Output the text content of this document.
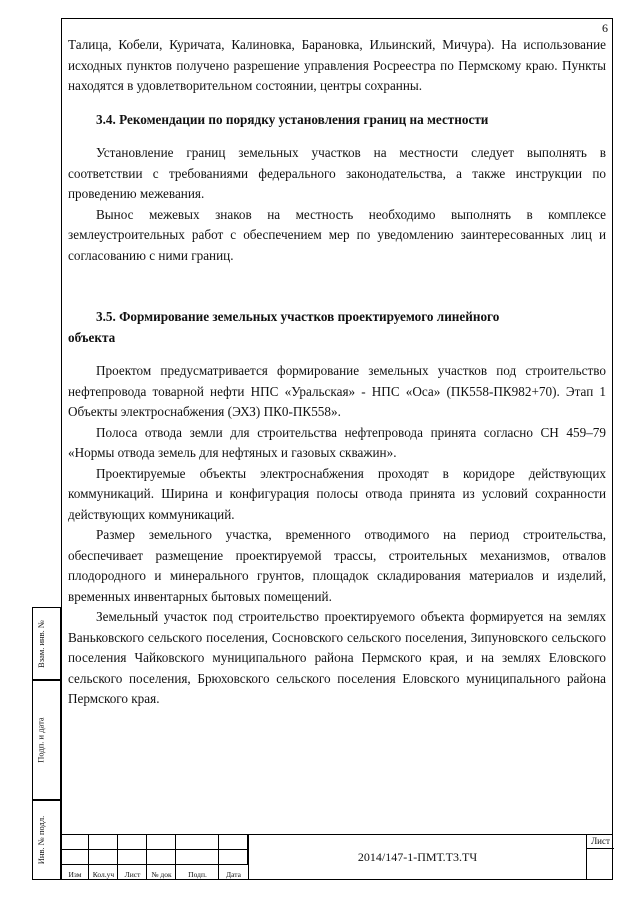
6

Талица, Кобели, Куричата, Калиновка, Барановка, Ильинский, Мичура). На использование исходных пунктов получено разрешение управления Росреестра по Пермскому краю. Пункты находятся в удовлетворительном состоянии, центры сохранны.

3.4. Рекомендации по порядку установления границ на местности

Установление границ земельных участков на местности следует выполнять в соответствии с требованиями федерального законодательства, а также инструкции по проведению межевания.

Вынос межевых знаков на местность необходимо выполнять в комплексе землеустроительных работ с обеспечением мер по уведомлению заинтересованных лиц и согласованию с ними границ.

3.5. Формирование земельных участков проектируемого линейного

объекта

Проектом предусматривается формирование земельных участков под строительство нефтепровода товарной нефти НПС «Уральская» - НПС «Оса» (ПК558-ПК982+70). Этап 1 Объекты электроснабжения (ЭХЗ) ПК0-ПК558».

Полоса отвода земли для строительства нефтепровода принята согласно СН 459–79 «Нормы отвода земель для нефтяных и газовых скважин».

Проектируемые объекты электроснабжения проходят в коридоре действующих коммуникаций. Ширина и конфигурация полосы отвода принята из условий сохранности действующих коммуникаций.

Размер земельного участка, временного отводимого на период строительства, обеспечивает размещение проектируемой трассы, строительных механизмов, отвалов плодородного и минерального грунтов, площадок складирования материалов и изделий, временных инвентарных бытовых помещений.

Земельный участок под строительство проектируемого объекта формируется на землях Ваньковского сельского поселения, Сосновского сельского поселения, Зипуновского сельского поселения Чайковского муниципального района Пермского края, и на землях Еловского сельского поселения, Брюховского сельского поселения Еловского муниципального района Пермского края.

Взам. инв. №
Подп. и дата
Инв. № подл.
Изм	Кол.уч	Лист	№ док	Подп.	Дата
2014/147-1-ПМТ.Т3.ТЧ
Лист
